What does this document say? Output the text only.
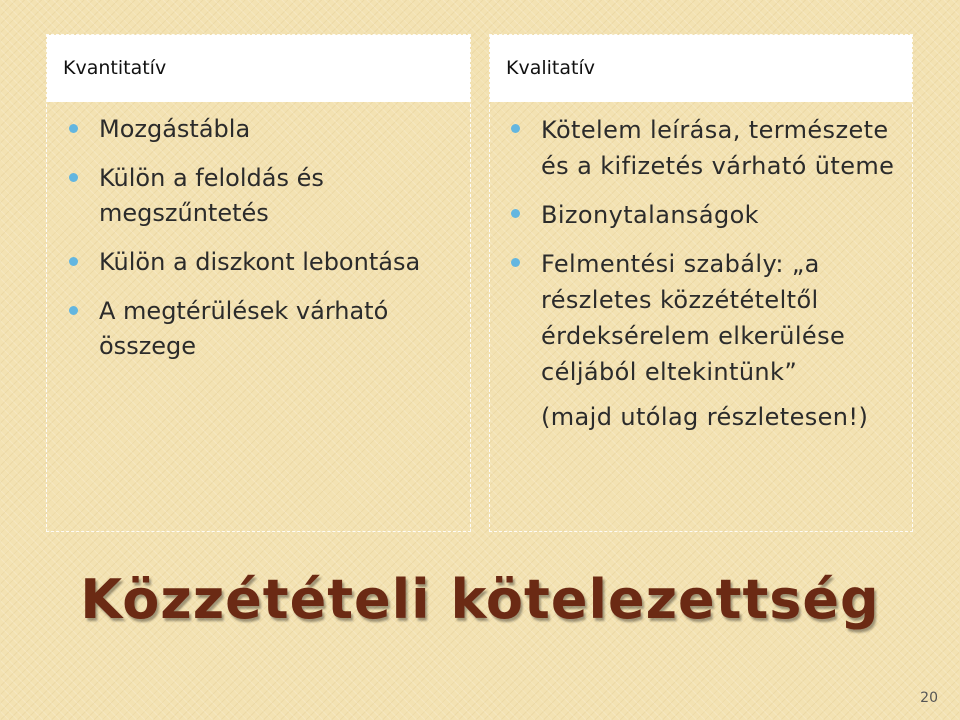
Kvantitatív
Mozgástábla
Külön a feloldás és megszűntetés
Külön a diszkont lebontása
A megtérülések várható összege
Kvalitatív
Kötelem leírása, természete és a kifizetés várható üteme
Bizonytalanságok
Felmentési szabály: „a részletes közzétételtől érdeksérelem elkerülése céljából eltekintünk”
(majd utólag részletesen!)
Közzétételi kötelezettség
20
